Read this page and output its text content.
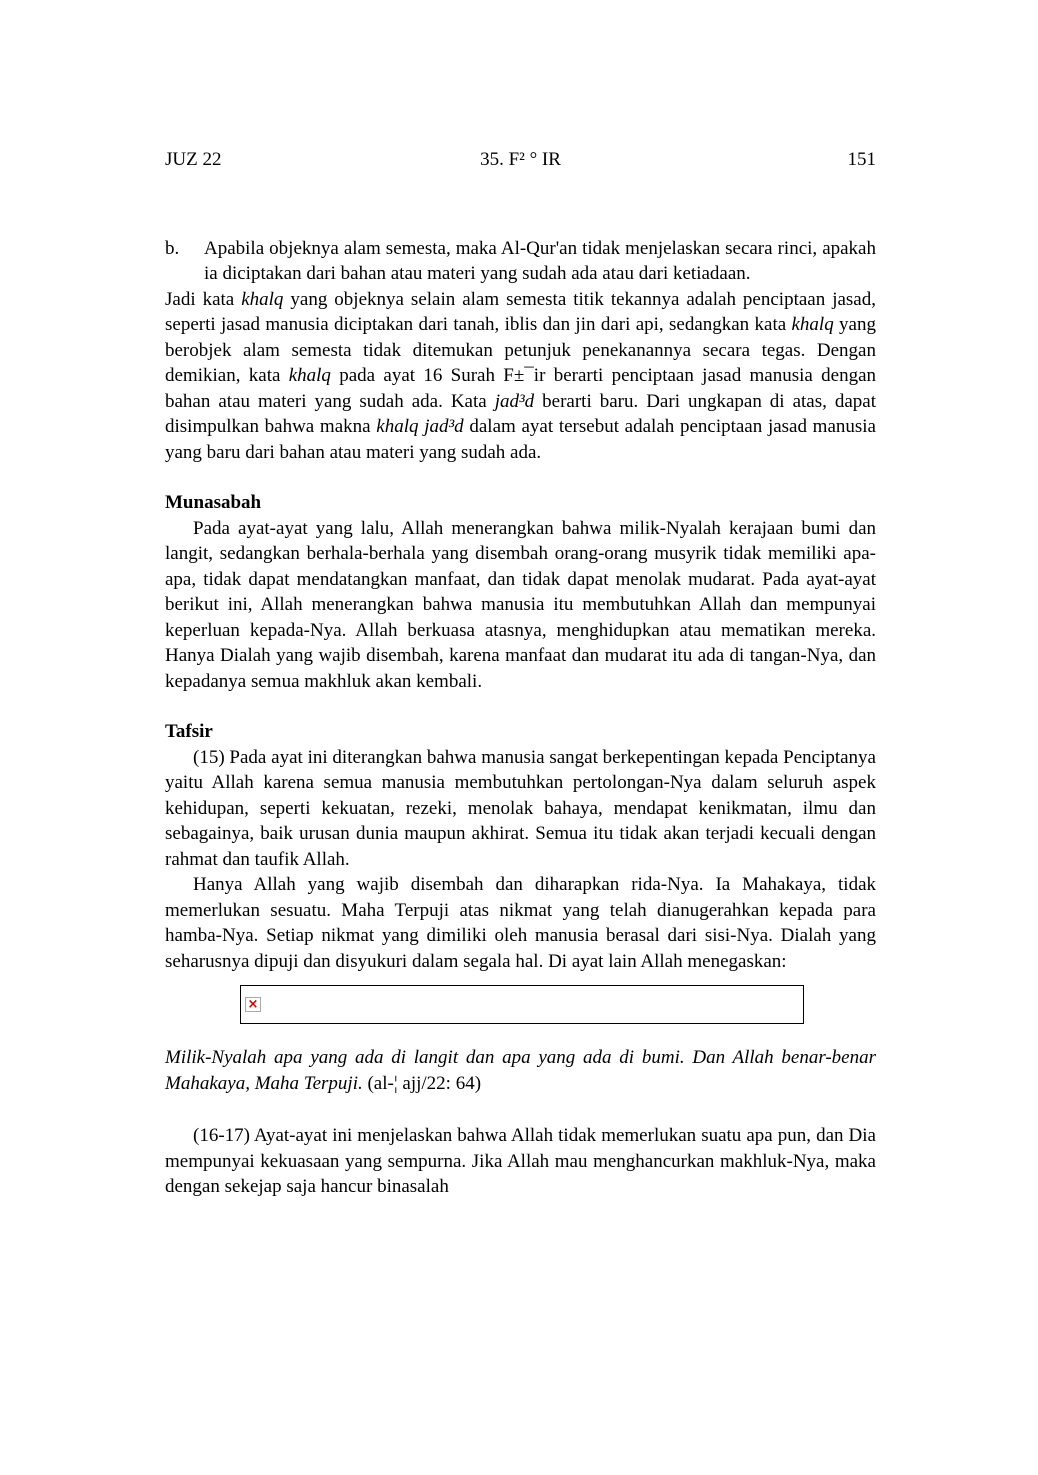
JUZ 22	35. F² ° IR	151
b. Apabila objeknya alam semesta, maka Al-Qur'an tidak menjelaskan secara rinci, apakah ia diciptakan dari bahan atau materi yang sudah ada atau dari ketiadaan.
Jadi kata khalq yang objeknya selain alam semesta titik tekannya adalah penciptaan jasad, seperti jasad manusia diciptakan dari tanah, iblis dan jin dari api, sedangkan kata khalq yang berobjek alam semesta tidak ditemukan petunjuk penekanannya secara tegas. Dengan demikian, kata khalq pada ayat 16 Surah F±¯ir berarti penciptaan jasad manusia dengan bahan atau materi yang sudah ada. Kata jad³d berarti baru. Dari ungkapan di atas, dapat disimpulkan bahwa makna khalq jad³d dalam ayat tersebut adalah penciptaan jasad manusia yang baru dari bahan atau materi yang sudah ada.
Munasabah
Pada ayat-ayat yang lalu, Allah menerangkan bahwa milik-Nyalah kerajaan bumi dan langit, sedangkan berhala-berhala yang disembah orang-orang musyrik tidak memiliki apa-apa, tidak dapat mendatangkan manfaat, dan tidak dapat menolak mudarat. Pada ayat-ayat berikut ini, Allah menerangkan bahwa manusia itu membutuhkan Allah dan mempunyai keperluan kepada-Nya. Allah berkuasa atasnya, menghidupkan atau mematikan mereka. Hanya Dialah yang wajib disembah, karena manfaat dan mudarat itu ada di tangan-Nya, dan kepadanya semua makhluk akan kembali.
Tafsir
(15) Pada ayat ini diterangkan bahwa manusia sangat berkepentingan kepada Penciptanya yaitu Allah karena semua manusia membutuhkan pertolongan-Nya dalam seluruh aspek kehidupan, seperti kekuatan, rezeki, menolak bahaya, mendapat kenikmatan, ilmu dan sebagainya, baik urusan dunia maupun akhirat. Semua itu tidak akan terjadi kecuali dengan rahmat dan taufik Allah.
Hanya Allah yang wajib disembah dan diharapkan rida-Nya. Ia Mahakaya, tidak memerlukan sesuatu. Maha Terpuji atas nikmat yang telah dianugerahkan kepada para hamba-Nya. Setiap nikmat yang dimiliki oleh manusia berasal dari sisi-Nya. Dialah yang seharusnya dipuji dan disyukuri dalam segala hal. Di ayat lain Allah menegaskan:
×
Milik-Nyalah apa yang ada di langit dan apa yang ada di bumi. Dan Allah benar-benar Mahakaya, Maha Terpuji. (al-¦ ajj/22: 64)
(16-17) Ayat-ayat ini menjelaskan bahwa Allah tidak memerlukan suatu apa pun, dan Dia mempunyai kekuasaan yang sempurna. Jika Allah mau menghancurkan makhluk-Nya, maka dengan sekejap saja hancur binasalah
